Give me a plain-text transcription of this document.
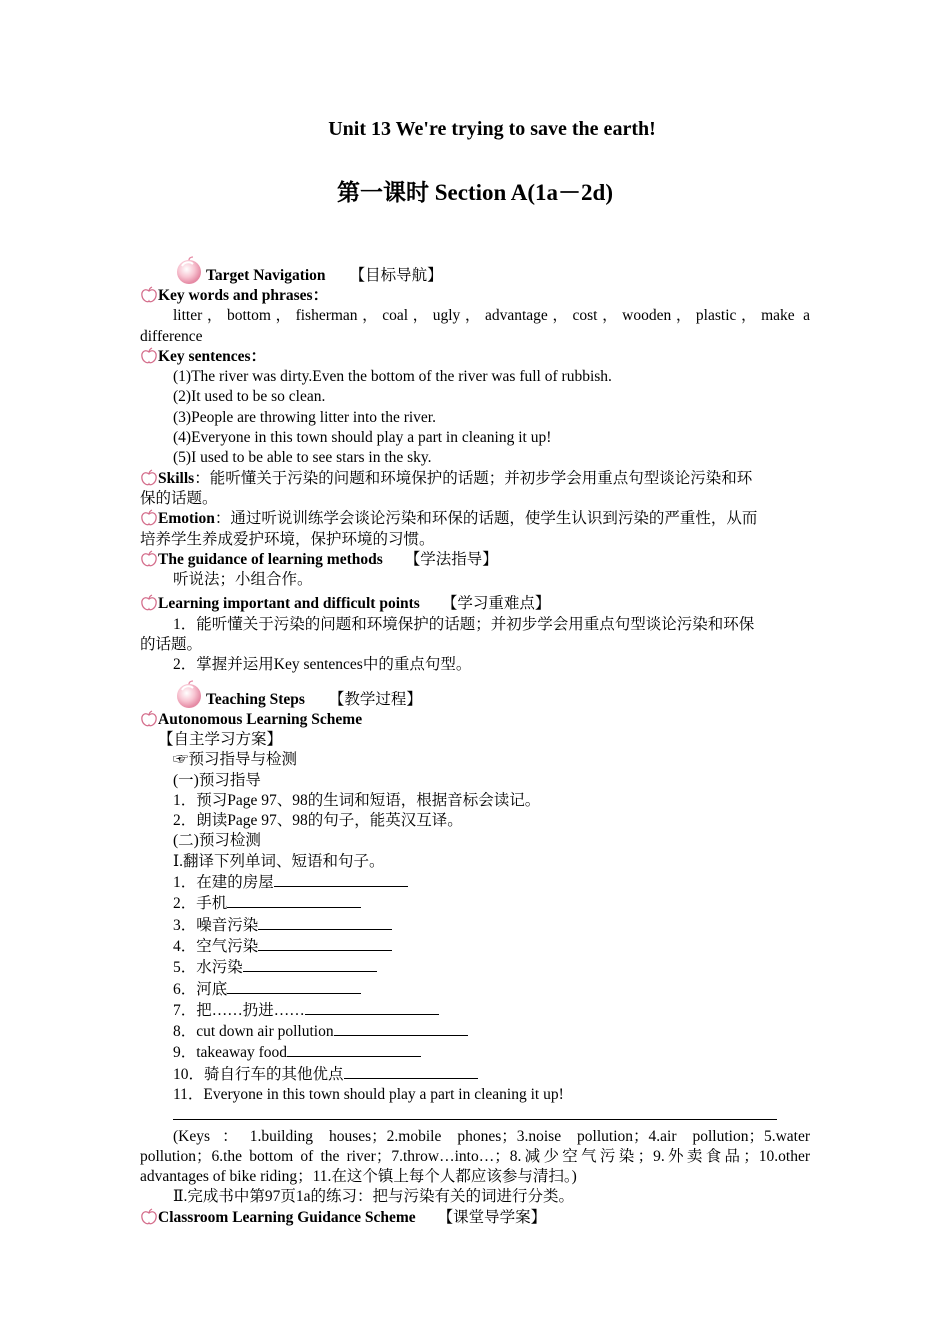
Unit 13 We're trying to save the earth!
第一课时 Section A(1a－2d)
Target Navigation 【目标导航】
Key words and phrases：
litter，bottom，fisherman，coal，ugly，advantage，cost，wooden，plastic，make a
difference
Key sentences：
(1)The river was dirty.Even the bottom of the river was full of rubbish.
(2)It used to be so clean.
(3)People are throwing litter into the river.
(4)Everyone in this town should play a part in cleaning it up!
(5)I used to be able to see stars in the sky.
Skills：能听懂关于污染的问题和环境保护的话题；并初步学会用重点句型谈论污染和环
保的话题。
Emotion：通过听说训练学会谈论污染和环保的话题，使学生认识到污染的严重性，从而
培养学生养成爱护环境，保护环境的习惯。
The guidance of learning methods 【学法指导】
听说法；小组合作。
Learning important and difficult points 【学习重难点】
1．能听懂关于污染的问题和环境保护的话题；并初步学会用重点句型谈论污染和环保
的话题。
2．掌握并运用Key sentences中的重点句型。
Teaching Steps 【教学过程】
Autonomous Learning Scheme
【自主学习方案】
☞预习指导与检测
(一)预习指导
1．预习Page 97、98的生词和短语，根据音标会读记。
2．朗读Page 97、98的句子，能英汉互译。
(二)预习检测
Ⅰ.翻译下列单词、短语和句子。
1．在建的房屋
2．手机
3．噪音污染
4．空气污染
5．水污染
6．河底
7．把……扔进……
8．cut down air pollution
9．takeaway food
10．骑自行车的其他优点
11．Everyone in this town should play a part in cleaning it up!
(Keys：1.building houses；2.mobile phones；3.noise pollution；4.air pollution；5.water
pollution；6.the bottom of the river；7.throw…into…；8.减少空气污染；9.外卖食品；10.other
advantages of bike riding；11.在这个镇上每个人都应该参与清扫。)
Ⅱ.完成书中第97页1a的练习：把与污染有关的词进行分类。
Classroom Learning Guidance Scheme 【课堂导学案】
